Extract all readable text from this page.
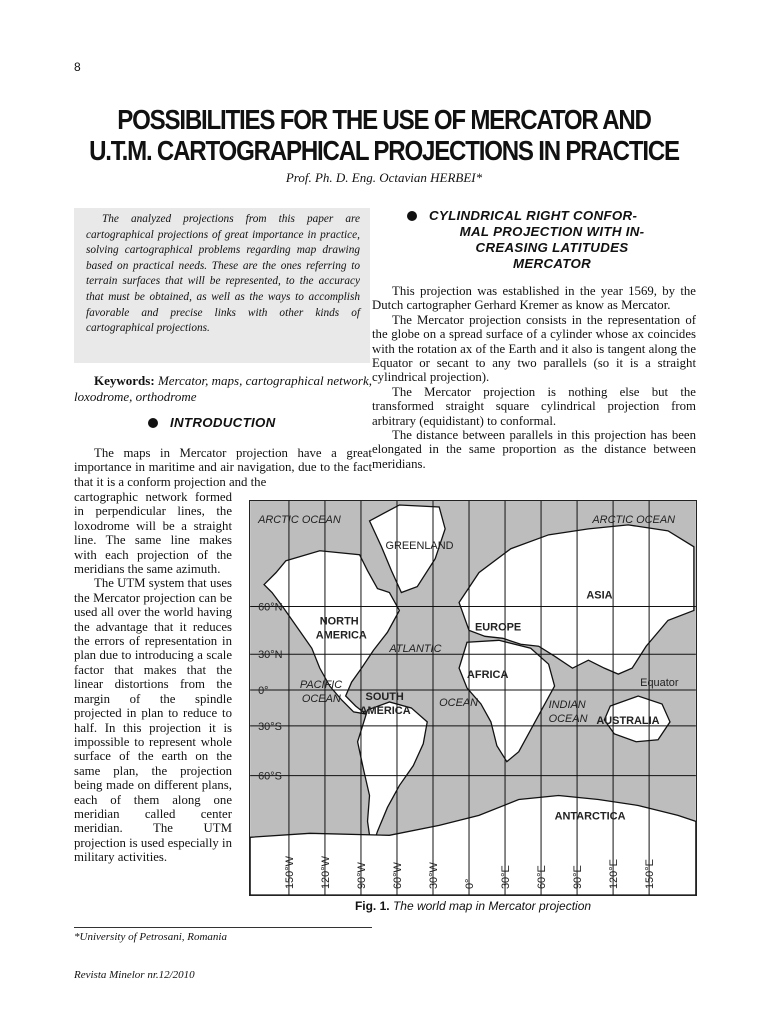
8
POSSIBILITIES FOR THE USE OF MERCATOR AND U.T.M. CARTOGRAPHICAL PROJECTIONS IN PRACTICE
Prof. Ph. D. Eng. Octavian HERBEI*
The analyzed projections from this paper are cartographical projections of great importance in practice, solving cartographical problems regarding map drawing based on practical needs. These are the ones referring to terrain surfaces that will be represented, to the accuracy that must be obtained, as well as the ways to accomplish favorable and precise links with other kinds of cartographical projections.
Keywords: Mercator, maps, cartographical network, loxodrome, orthodrome
INTRODUCTION
The maps in Mercator projection have a great importance in maritime and air navigation, due to the fact that it is a conform projection and the
cartographic network formed in perpendicular lines, the loxodrome will be a straight line. The same line makes with each projection of the meridians the same azimuth.
The UTM system that uses the Mercator projection can be used all over the world having the advantage that it reduces the errors of representation in plan due to introducing a scale factor that makes that the linear distortions from the margin of the spindle projected in plan to reduce to half. In this projection it is impossible to represent whole surface of the earth on the same plan, the projection being made on different plans, each of them along one meridian called center meridian. The UTM projection is used especially in military activities.
CYLINDRICAL RIGHT CONFOR-
MAL PROJECTION WITH IN-
CREASING LATITUDES
MERCATOR

This projection was established in the year 1569, by the Dutch cartographer Gerhard Kremer as know as Mercator.

The Mercator projection consists in the representation of the globe on a spread surface of a cylinder whose ax coincides with the rotation ax of the Earth and it also is tangent along the Equator or secant to any two parallels (so it is a straight cylindrical projection).

The Mercator projection is nothing else but the transformed straight square cylindrical projection from arbitrary (equidistant) to conformal.

The distance between parallels in this projection has been elongated in the same proportion as the distance between meridians.

150°W 120°W 90°W 60°W 30°W 0° 30°E 60°E 90°E 120°E 150°E
60°N
30°N
0°
30°S
60°S
ARCTIC OCEAN	ARCTIC OCEAN
GREENLAND
NORTH
AMERICA
EUROPE
ASIA
ATLANTIC
PACIFIC
OCEAN
AFRICA
SOUTH
AMERICA
OCEAN	INDIAN
OCEAN AUSTRALIA
Equator
ANTARCTICA
Fig. 1. The world map in Mercator projection
*University of Petrosani, Romania
Revista Minelor nr.12/2010
